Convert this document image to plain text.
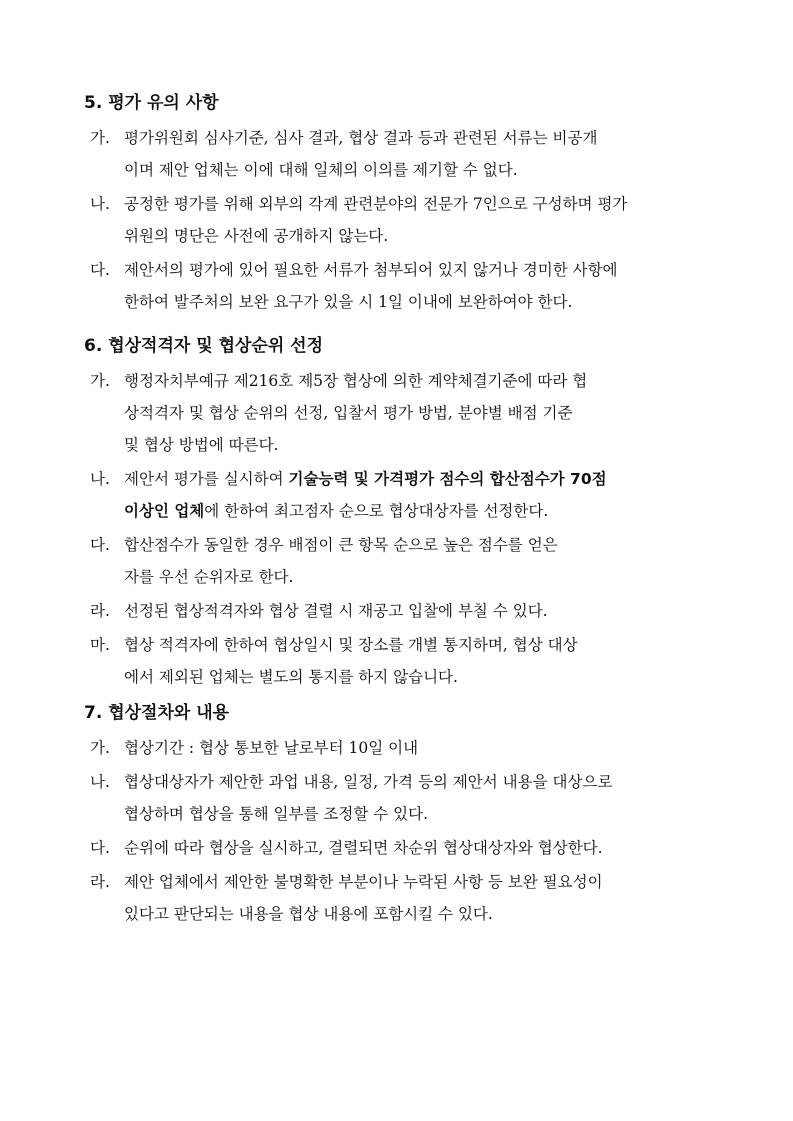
5. 평가 유의 사항
가. 평가위원회 심사기준, 심사 결과, 협상 결과 등과 관련된 서류는 비공개
이며 제안 업체는 이에 대해 일체의 이의를 제기할 수 없다.
나. 공정한 평가를 위해 외부의 각계 관련분야의 전문가 7인으로 구성하며 평가
위원의 명단은 사전에 공개하지 않는다.
다. 제안서의 평가에 있어 필요한 서류가 첨부되어 있지 않거나 경미한 사항에
한하여 발주처의 보완 요구가 있을 시 1일 이내에 보완하여야 한다.
6. 협상적격자 및 협상순위 선정
가. 행정자치부예규 제216호 제5장 협상에 의한 계약체결기준에 따라 협
상적격자 및 협상 순위의 선정, 입찰서 평가 방법, 분야별 배점 기준
및 협상 방법에 따른다.
나. 제안서 평가를 실시하여 기술능력 및 가격평가 점수의 합산점수가 70점
이상인 업체에 한하여 최고점자 순으로 협상대상자를 선정한다.
다. 합산점수가 동일한 경우 배점이 큰 항목 순으로 높은 점수를 얻은
자를 우선 순위자로 한다.
라. 선정된 협상적격자와 협상 결렬 시 재공고 입찰에 부칠 수 있다.
마. 협상 적격자에 한하여 협상일시 및 장소를 개별 통지하며, 협상 대상
에서 제외된 업체는 별도의 통지를 하지 않습니다.
7. 협상절차와 내용
가. 협상기간 : 협상 통보한 날로부터 10일 이내
나. 협상대상자가 제안한 과업 내용, 일정, 가격 등의 제안서 내용을 대상으로
협상하며 협상을 통해 일부를 조정할 수 있다.
다. 순위에 따라 협상을 실시하고, 결렬되면 차순위 협상대상자와 협상한다.
라. 제안 업체에서 제안한 불명확한 부분이나 누락된 사항 등 보완 필요성이
있다고 판단되는 내용을 협상 내용에 포함시킬 수 있다.
